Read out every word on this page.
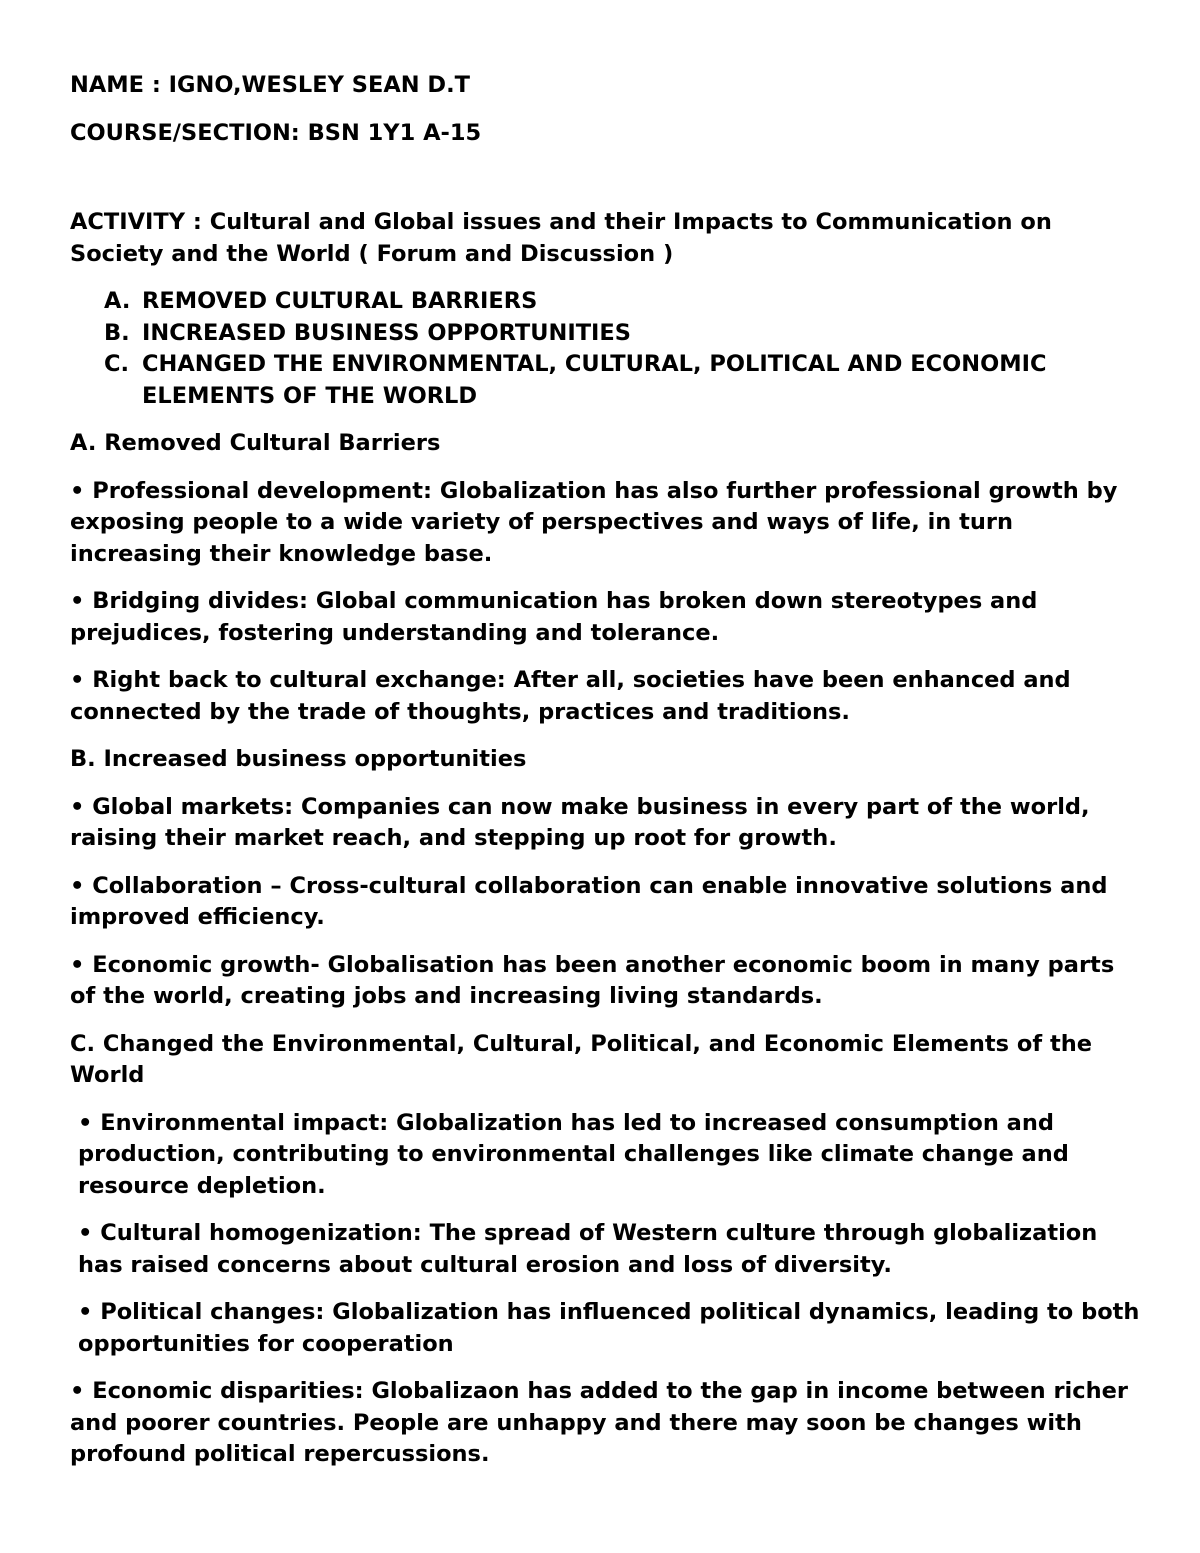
NAME : IGNO,WESLEY SEAN D.T

COURSE/SECTION: BSN 1Y1 A-15

ACTIVITY : Cultural and Global issues and their Impacts to Communication on Society and the World ( Forum and Discussion )

A. REMOVED CULTURAL BARRIERS
B. INCREASED BUSINESS OPPORTUNITIES
C. CHANGED THE ENVIRONMENTAL, CULTURAL, POLITICAL AND ECONOMIC ELEMENTS OF THE WORLD

A. Removed Cultural Barriers

• Professional development: Globalization has also further professional growth by exposing people to a wide variety of perspectives and ways of life, in turn increasing their knowledge base.

• Bridging divides: Global communication has broken down stereotypes and prejudices, fostering understanding and tolerance.

• Right back to cultural exchange: After all, societies have been enhanced and connected by the trade of thoughts, practices and traditions.

B. Increased business opportunities

• Global markets: Companies can now make business in every part of the world, raising their market reach, and stepping up root for growth.

• Collaboration – Cross-cultural collaboration can enable innovative solutions and improved efficiency.

• Economic growth- Globalisation has been another economic boom in many parts of the world, creating jobs and increasing living standards.

C. Changed the Environmental, Cultural, Political, and Economic Elements of the World

• Environmental impact: Globalization has led to increased consumption and production, contributing to environmental challenges like climate change and resource depletion.

• Cultural homogenization: The spread of Western culture through globalization has raised concerns about cultural erosion and loss of diversity.

• Political changes: Globalization has influenced political dynamics, leading to both opportunities for cooperation

• Economic disparities: Globalizaon has added to the gap in income between richer and poorer countries. People are unhappy and there may soon be changes with profound political repercussions.
